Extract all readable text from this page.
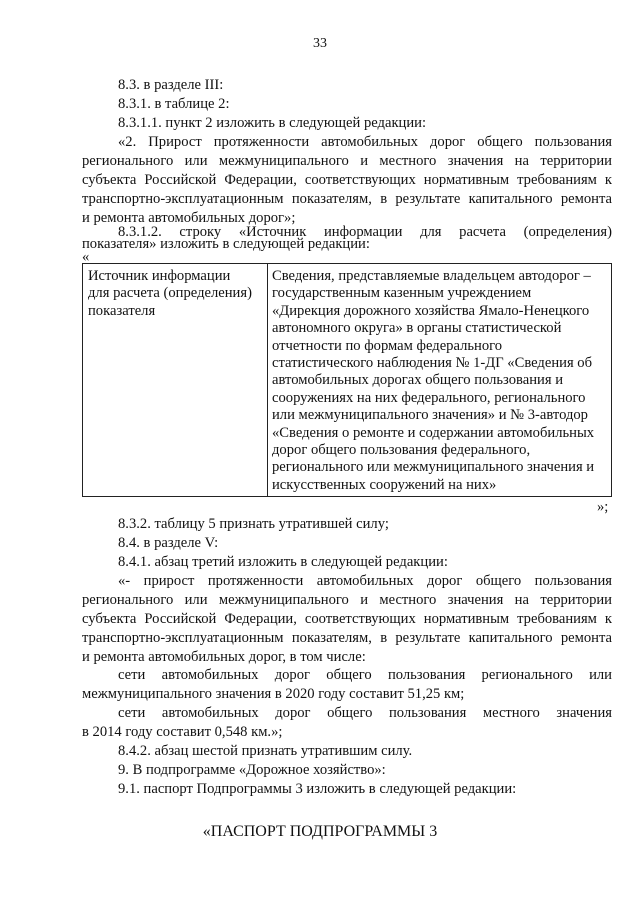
33
8.3. в разделе III:
8.3.1. в таблице 2:
8.3.1.1. пункт 2 изложить в следующей редакции:
«2. Прирост протяженности автомобильных дорог общего пользования
регионального или межмуниципального и местного значения на территории
субъекта Российской Федерации, соответствующих нормативным требованиям к
транспортно-эксплуатационным показателям, в результате капитального ремонта
и ремонта автомобильных дорог»;
8.3.1.2. строку «Источник информации для расчета (определения)
показателя» изложить в следующей редакции:
«
Источник информации
для расчета (определения)
показателя
Сведения, представляемые владельцем автодорог –
государственным казенным учреждением
«Дирекция дорожного хозяйства Ямало-Ненецкого
автономного округа» в органы статистической
отчетности по формам федерального
статистического наблюдения № 1-ДГ «Сведения об
автомобильных дорогах общего пользования и
сооружениях на них федерального, регионального
или межмуниципального значения» и № 3-автодор
«Сведения о ремонте и содержании автомобильных
дорог общего пользования федерального,
регионального или межмуниципального значения и
искусственных сооружений на них»
»;
8.3.2. таблицу 5 признать утратившей силу;
8.4. в разделе V:
8.4.1. абзац третий изложить в следующей редакции:
«- прирост протяженности автомобильных дорог общего пользования
регионального или межмуниципального и местного значения на территории
субъекта Российской Федерации, соответствующих нормативным требованиям к
транспортно-эксплуатационным показателям, в результате капитального ремонта
и ремонта автомобильных дорог, в том числе:
сети автомобильных дорог общего пользования регионального или
межмуниципального значения в 2020 году составит 51,25 км;
сети автомобильных дорог общего пользования местного значения
в 2014 году составит 0,548 км.»;
8.4.2. абзац шестой признать утратившим силу.
9. В подпрограмме «Дорожное хозяйство»:
9.1. паспорт Подпрограммы 3 изложить в следующей редакции:
«ПАСПОРТ ПОДПРОГРАММЫ 3
